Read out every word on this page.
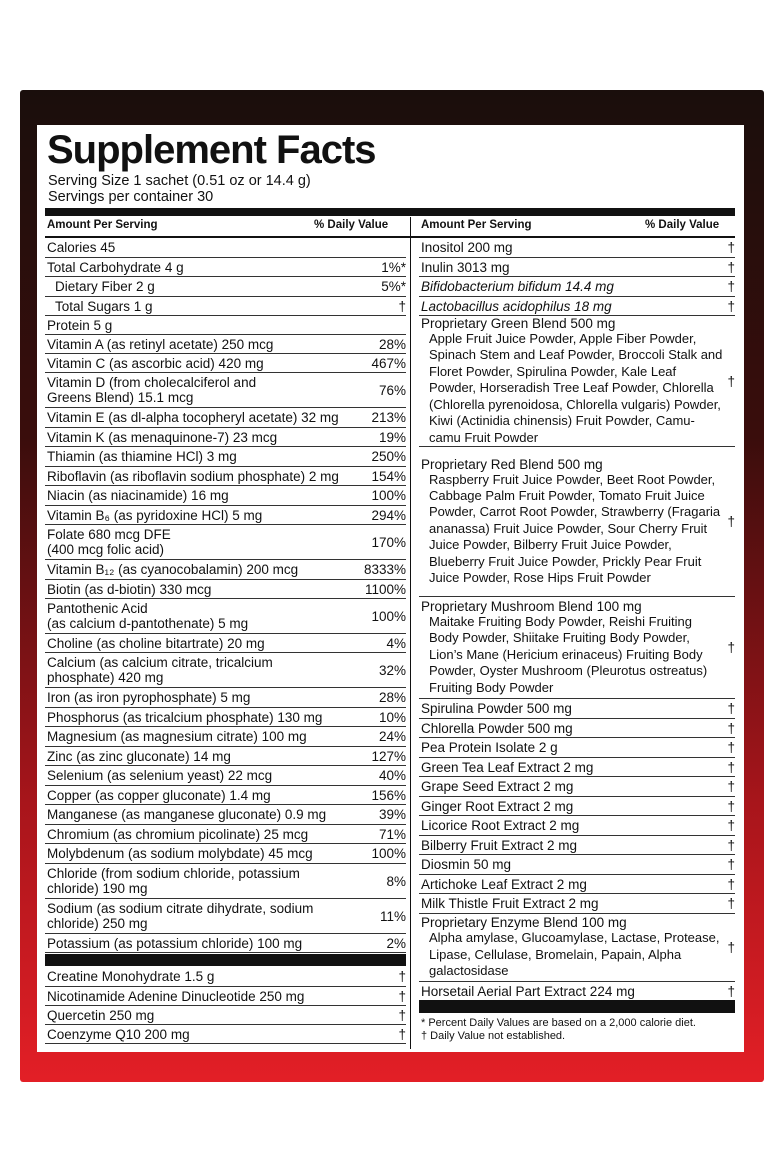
Supplement Facts
Serving Size 1 sachet (0.51 oz or 14.4 g)
Servings per container 30
Amount Per Serving	% Daily Value	Amount Per Serving	% Daily Value
Calories 45
Total Carbohydrate 4 g	1%*
Dietary Fiber 2 g	5%*
Total Sugars 1 g	†
Protein 5 g
Vitamin A (as retinyl acetate) 250 mcg	28%
Vitamin C (as ascorbic acid) 420 mg	467%
Vitamin D (from cholecalciferol and
Greens Blend) 15.1 mcg	76%
Vitamin E (as dl-alpha tocopheryl acetate) 32 mg	213%
Vitamin K (as menaquinone-7) 23 mcg	19%
Thiamin (as thiamine HCl) 3 mg	250%
Riboflavin (as riboflavin sodium phosphate) 2 mg	154%
Niacin (as niacinamide) 16 mg	100%
Vitamin B₆ (as pyridoxine HCl) 5 mg	294%
Folate 680 mcg DFE
(400 mcg folic acid)	170%
Vitamin B₁₂ (as cyanocobalamin) 200 mcg	8333%
Biotin (as d-biotin) 330 mcg	1100%
Pantothenic Acid
(as calcium d-pantothenate) 5 mg	100%
Choline (as choline bitartrate) 20 mg	4%
Calcium (as calcium citrate, tricalcium
phosphate) 420 mg	32%
Iron (as iron pyrophosphate) 5 mg	28%
Phosphorus (as tricalcium phosphate) 130 mg	10%
Magnesium (as magnesium citrate) 100 mg	24%
Zinc (as zinc gluconate) 14 mg	127%
Selenium (as selenium yeast) 22 mcg	40%
Copper (as copper gluconate) 1.4 mg	156%
Manganese (as manganese gluconate) 0.9 mg	39%
Chromium (as chromium picolinate) 25 mcg	71%
Molybdenum (as sodium molybdate) 45 mcg	100%
Chloride (from sodium chloride, potassium
chloride) 190 mg	8%
Sodium (as sodium citrate dihydrate, sodium
chloride) 250 mg	11%
Potassium (as potassium chloride) 100 mg	2%
Creatine Monohydrate 1.5 g	†
Nicotinamide Adenine Dinucleotide 250 mg	†
Quercetin 250 mg	†
Coenzyme Q10 200 mg	†
Inositol 200 mg	†
Inulin 3013 mg	†
Bifidobacterium bifidum 14.4 mg	†
Lactobacillus acidophilus 18 mg	†
Proprietary Green Blend 500 mg
Apple Fruit Juice Powder, Apple Fiber Powder, Spinach Stem and Leaf Powder, Broccoli Stalk and Floret Powder, Spirulina Powder, Kale Leaf Powder, Horseradish Tree Leaf Powder, Chlorella (Chlorella pyrenoidosa, Chlorella vulgaris) Powder, Kiwi (Actinidia chinensis) Fruit Powder, Camu-camu Fruit Powder
†
Proprietary Red Blend 500 mg
Raspberry Fruit Juice Powder, Beet Root Powder, Cabbage Palm Fruit Powder, Tomato Fruit Juice Powder, Carrot Root Powder, Strawberry (Fragaria ananassa) Fruit Juice Powder, Sour Cherry Fruit Juice Powder, Bilberry Fruit Juice Powder, Blueberry Fruit Juice Powder, Prickly Pear Fruit Juice Powder, Rose Hips Fruit Powder
†
Proprietary Mushroom Blend 100 mg
Maitake Fruiting Body Powder, Reishi Fruiting Body Powder, Shiitake Fruiting Body Powder, Lion’s Mane (Hericium erinaceus) Fruiting Body Powder, Oyster Mushroom (Pleurotus ostreatus) Fruiting Body Powder
†
Spirulina Powder 500 mg	†
Chlorella Powder 500 mg	†
Pea Protein Isolate 2 g	†
Green Tea Leaf Extract 2 mg	†
Grape Seed Extract 2 mg	†
Ginger Root Extract 2 mg	†
Licorice Root Extract 2 mg	†
Bilberry Fruit Extract 2 mg	†
Diosmin 50 mg	†
Artichoke Leaf Extract 2 mg	†
Milk Thistle Fruit Extract 2 mg	†
Proprietary Enzyme Blend 100 mg
Alpha amylase, Glucoamylase, Lactase, Protease, Lipase, Cellulase, Bromelain, Papain, Alpha galactosidase
†
Horsetail Aerial Part Extract 224 mg	†
* Percent Daily Values are based on a 2,000 calorie diet.
† Daily Value not established.
